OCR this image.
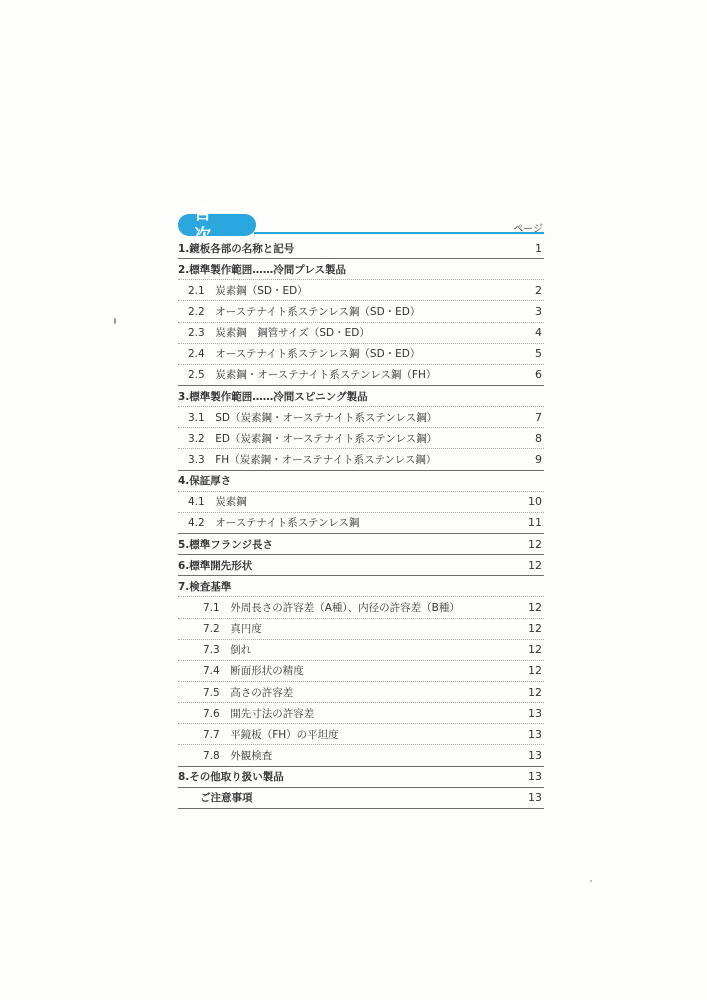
目次	ページ
1.鏡板各部の名称と記号	1
2.標準製作範囲……冷間プレス製品
2.1　炭素鋼（SD・ED）	2
2.2　オーステナイト系ステンレス鋼（SD・ED）	3
2.3　炭素鋼　鋼管サイズ（SD・ED）	4
2.4　オーステナイト系ステンレス鋼（SD・ED）	5
2.5　炭素鋼・オーステナイト系ステンレス鋼（FH）	6
3.標準製作範囲……冷間スピニング製品
3.1　SD（炭素鋼・オーステナイト系ステンレス鋼）	7
3.2　ED（炭素鋼・オーステナイト系ステンレス鋼）	8
3.3　FH（炭素鋼・オーステナイト系ステンレス鋼）	9
4.保証厚さ
4.1　炭素鋼	10
4.2　オーステナイト系ステンレス鋼	11
5.標準フランジ長さ	12
6.標準開先形状	12
7.検査基準
7.1　外周長さの許容差（A種）、内径の許容差（B種）	12
7.2　真円度	12
7.3　倒れ	12
7.4　断面形状の精度	12
7.5　高さの許容差	12
7.6　開先寸法の許容差	13
7.7　平鏡板（FH）の平坦度	13
7.8　外観検査	13
8.その他取り扱い製品	13
ご注意事項	13
